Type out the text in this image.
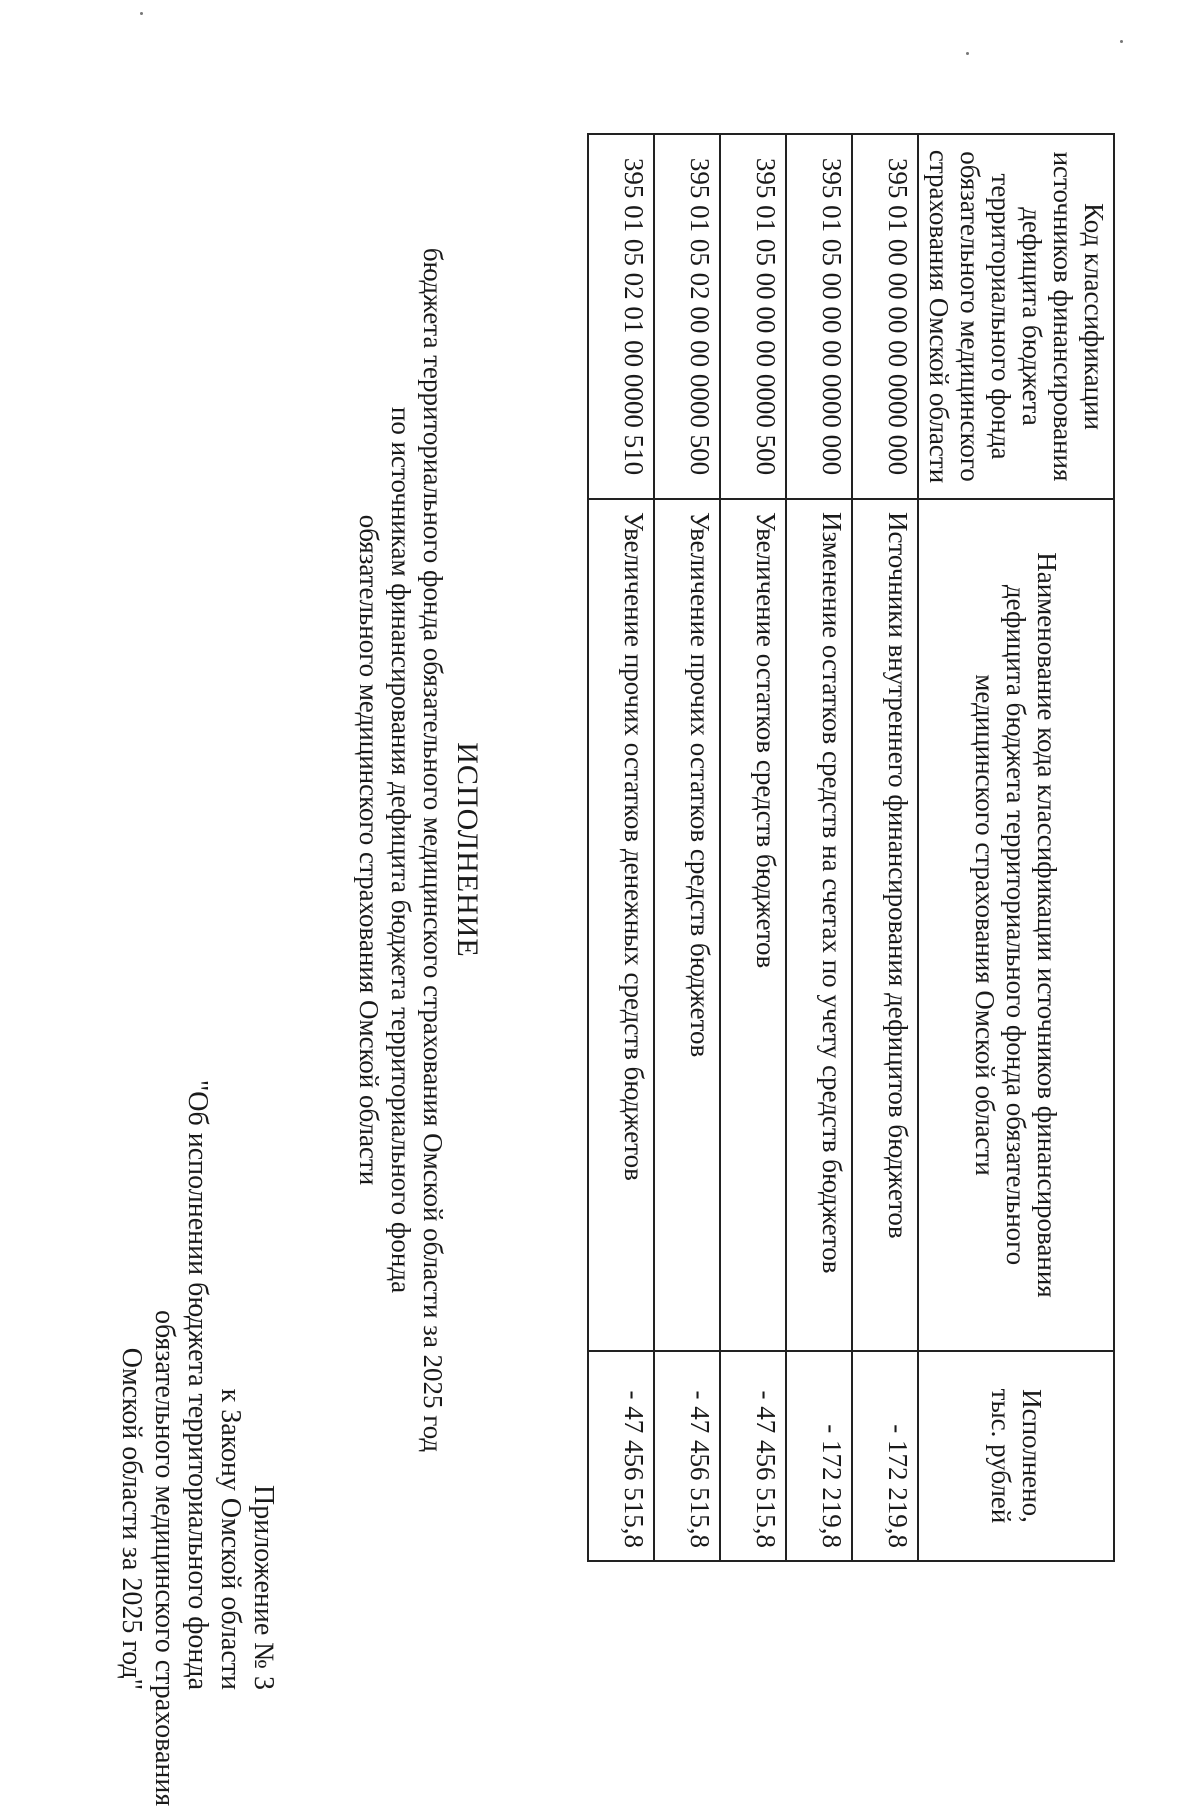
Приложение № 3
к Закону Омской области
"Об исполнении бюджета территориального фонда
обязательного медицинского страхования
Омской области за 2025 год"
ИСПОЛНЕНИЕ
бюджета территориального фонда обязательного медицинского страхования Омской области за 2025 год
по источникам финансирования дефицита бюджета территориального фонда
обязательного медицинского страхования Омской области
Код классификации источников финансирования дефицита бюджета территориального фонда обязательного медицинского страхования Омской области	Наименование кода классификации источников финансирования дефицита бюджета территориального фонда обязательного медицинского страхования Омской области	Исполнено, тыс. рублей
395 01 00 00 00 00 0000 000	Источники внутреннего финансирования дефицитов бюджетов	- 172 219,8
395 01 05 00 00 00 0000 000	Изменение остатков средств на счетах по учету средств бюджетов	- 172 219,8
395 01 05 00 00 00 0000 500	Увеличение остатков средств бюджетов	- 47 456 515,8
395 01 05 02 00 00 0000 500	Увеличение прочих остатков средств бюджетов	- 47 456 515,8
395 01 05 02 01 00 0000 510	Увеличение прочих остатков денежных средств бюджетов	- 47 456 515,8
